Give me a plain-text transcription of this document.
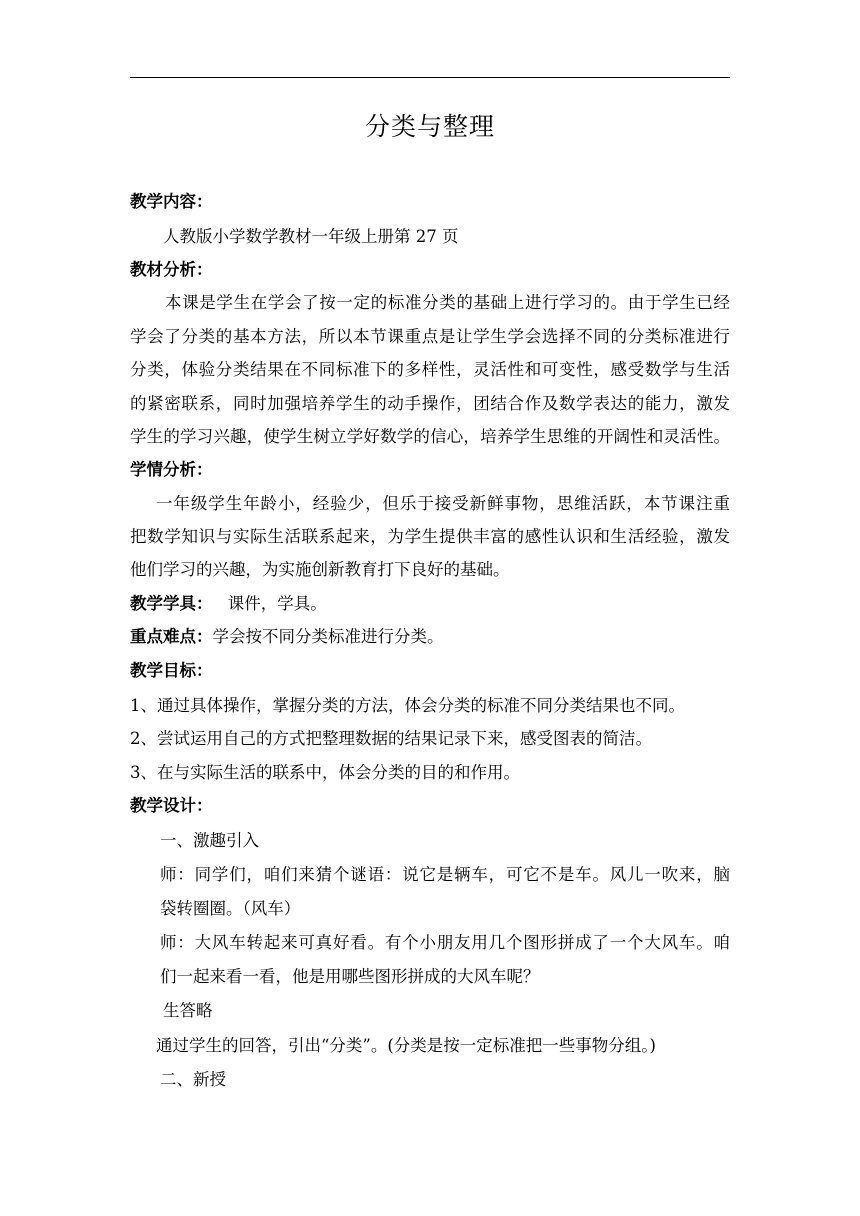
分类与整理
教学内容：
人教版小学数学教材一年级上册第 27 页
教材分析：
本课是学生在学会了按一定的标准分类的基础上进行学习的。由于学生已经
学会了分类的基本方法，所以本节课重点是让学生学会选择不同的分类标准进行
分类，体验分类结果在不同标准下的多样性，灵活性和可变性，感受数学与生活
的紧密联系，同时加强培养学生的动手操作，团结合作及数学表达的能力，激发
学生的学习兴趣，使学生树立学好数学的信心，培养学生思维的开阔性和灵活性。
学情分析：
一年级学生年龄小，经验少，但乐于接受新鲜事物，思维活跃，本节课注重
把数学知识与实际生活联系起来，为学生提供丰富的感性认识和生活经验，激发
他们学习的兴趣，为实施创新教育打下良好的基础。
教学学具： 课件，学具。
重点难点：学会按不同分类标准进行分类。
教学目标：
1、通过具体操作，掌握分类的方法，体会分类的标准不同分类结果也不同。
2、尝试运用自己的方式把整理数据的结果记录下来，感受图表的简洁。
3、在与实际生活的联系中，体会分类的目的和作用。
教学设计：
一、激趣引入
师：同学们，咱们来猜个谜语：说它是辆车，可它不是车。风儿一吹来，脑
袋转圈圈。（风车）
师：大风车转起来可真好看。有个小朋友用几个图形拼成了一个大风车。咱
们一起来看一看，他是用哪些图形拼成的大风车呢？
生答略
通过学生的回答，引出“分类”。(分类是按一定标准把一些事物分组。)
二、新授
